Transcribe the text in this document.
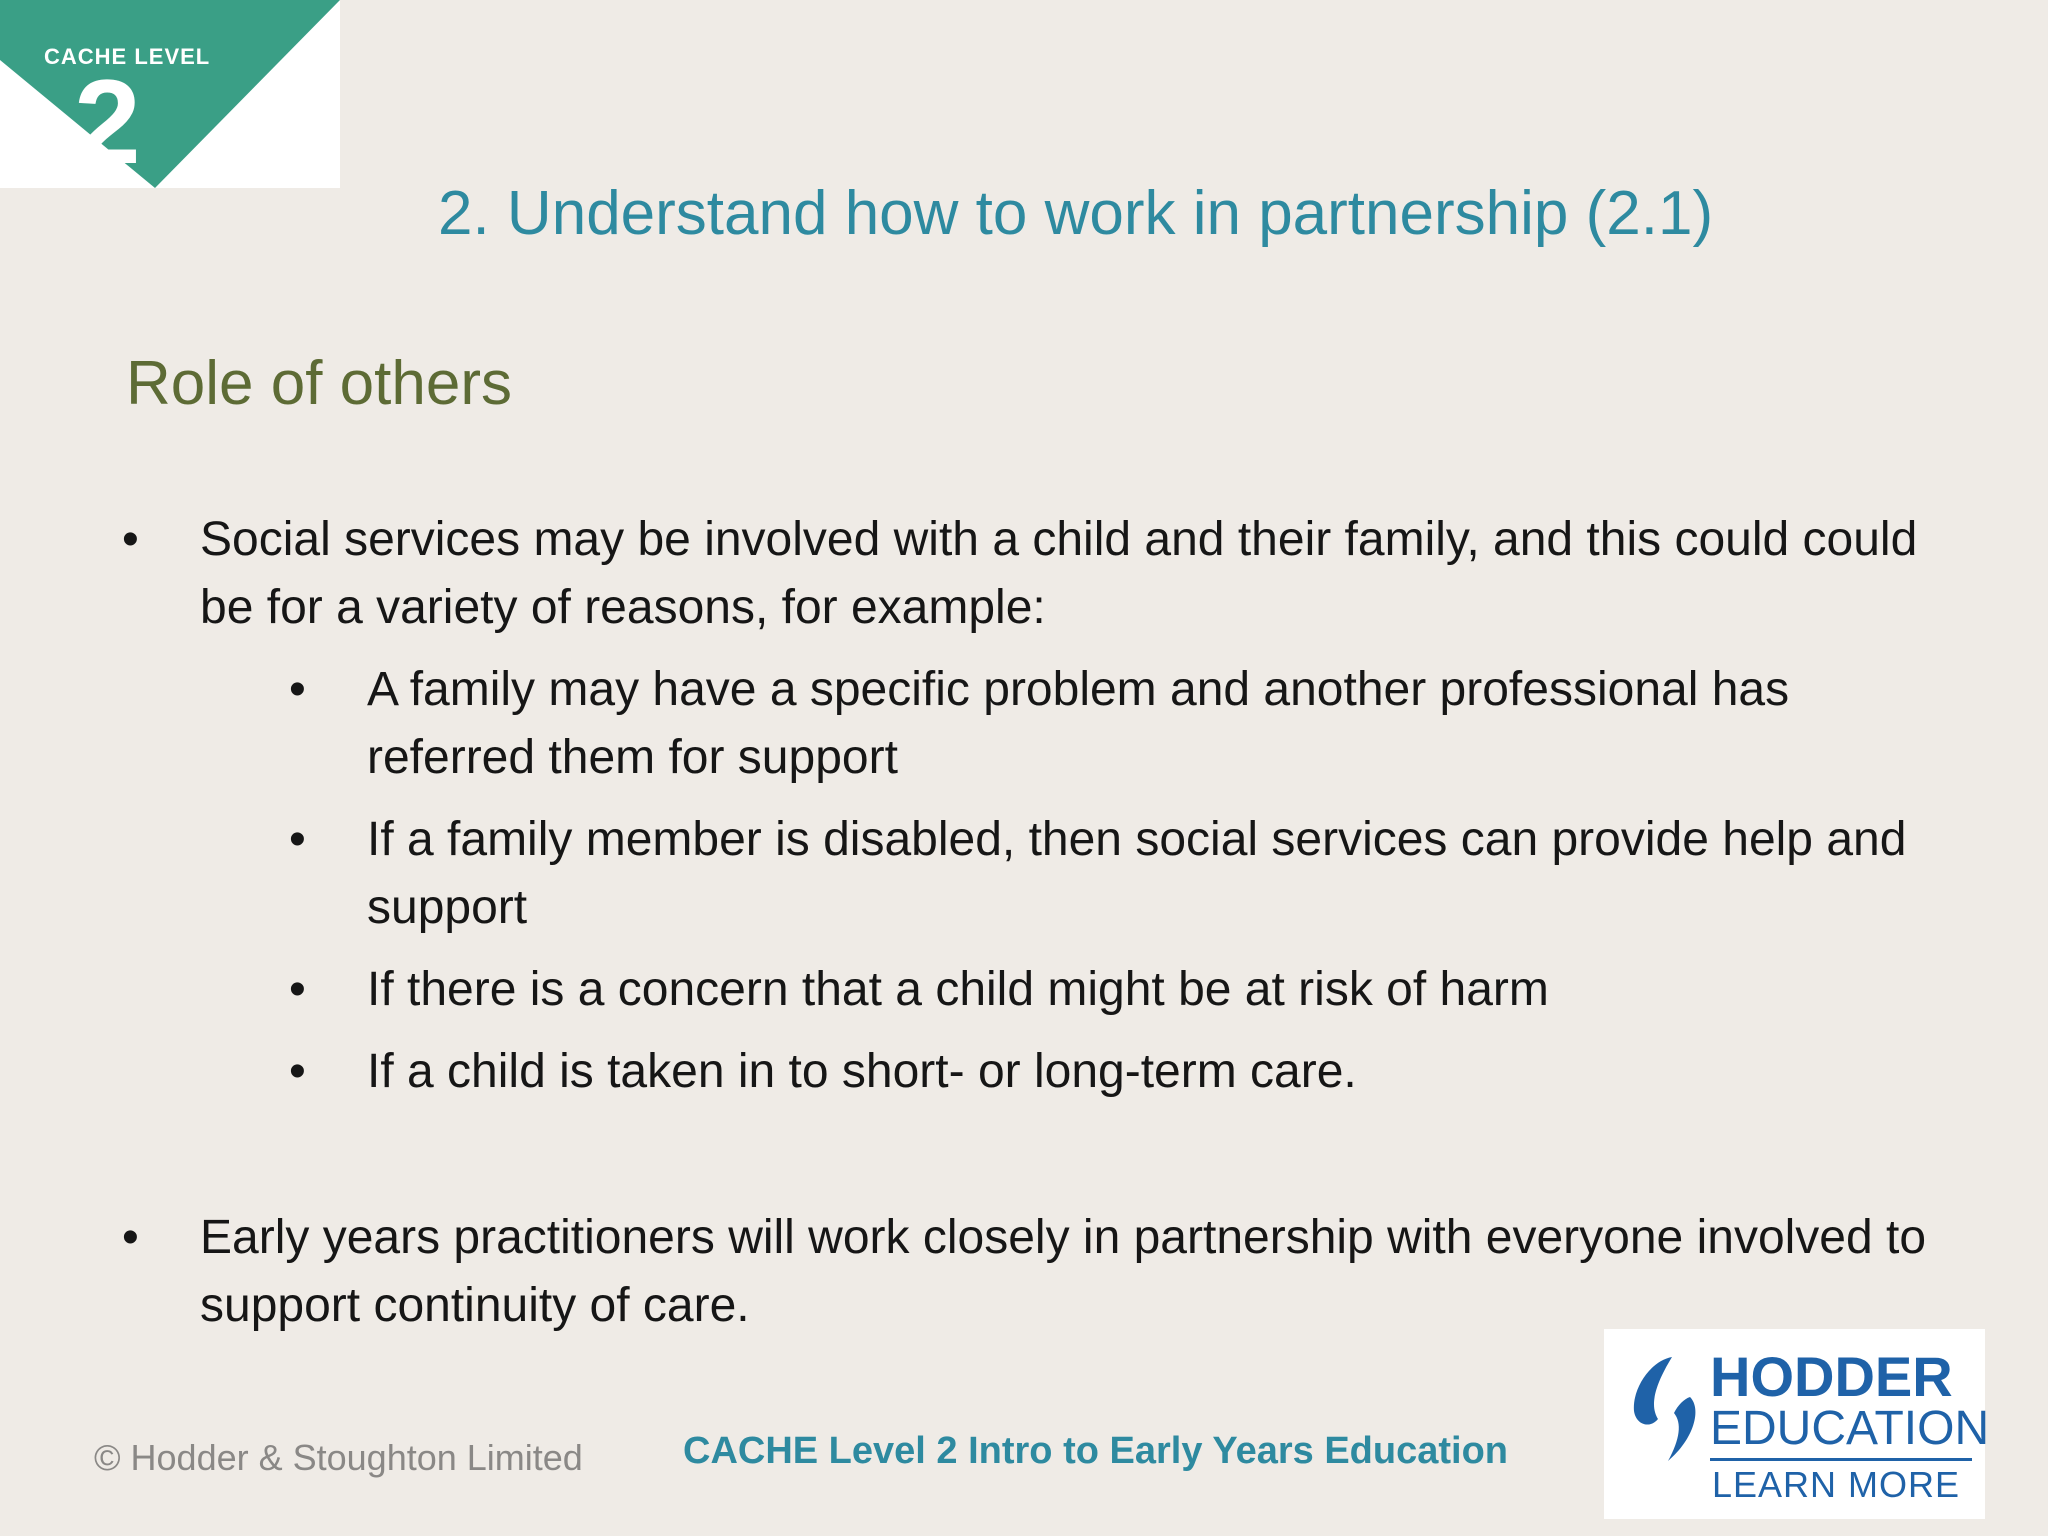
CACHE LEVEL
2
2. Understand how to work in partnership (2.1)
Role of others
• Social services may be involved with a child and their family, and this could could be for a variety of reasons, for example:
• A family may have a specific problem and another professional has referred them for support
• If a family member is disabled, then social services can provide help and support
• If there is a concern that a child might be at risk of harm
• If a child is taken in to short- or long-term care.
• Early years practitioners will work closely in partnership with everyone involved to support continuity of care.
© Hodder & Stoughton Limited	CACHE Level 2 Intro to Early Years Education
HODDER
EDUCATION
LEARN MORE
